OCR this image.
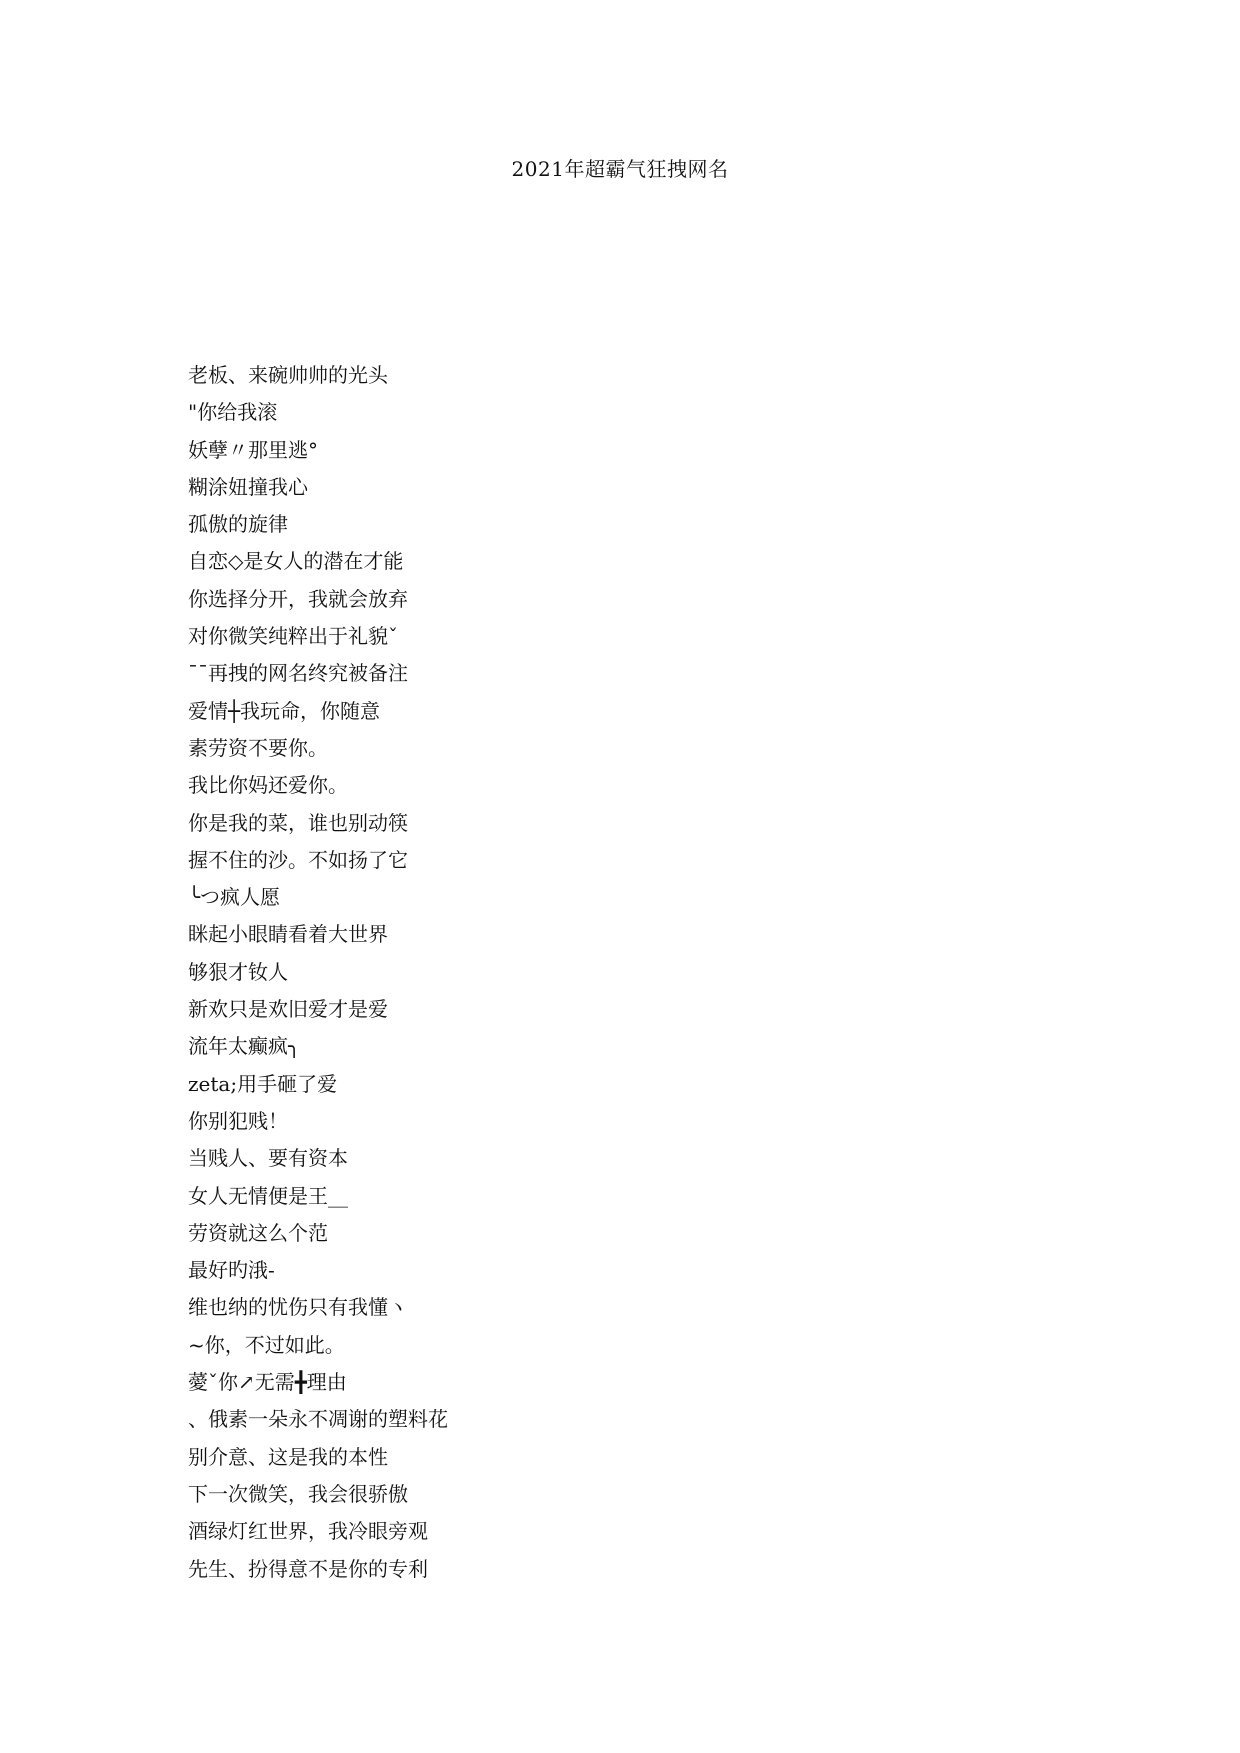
2021年超霸气狂拽网名
老板、来碗帅帅的光头
"你给我滚
妖孽〃那里逃°
糊涂妞撞我心
孤傲的旋律
自恋◇是女人的潜在才能
你选择分开，我就会放弃
对你微笑纯粹出于礼貌ˇ
¯¯再拽的网名终究被备注
爱情┼我玩命，你随意
素劳资不要你。
我比你妈还爱你。
你是我的菜，谁也别动筷
握不住的沙。不如扬了它
╰つ疯人愿
眯起小眼睛看着大世界
够狠才钕人
新欢只是欢旧爱才是爱
流年太癫疯╮
zeta;用手砸了爱
你别犯贱！
当贱人、要有资本
女人无情便是王__
劳资就这么个范
最好旳涐-
维也纳的忧伤只有我懂ヽ
~你，不过如此。
薆ˇ你↗无需╋理由
、俄素一朵永不凋谢的塑料花
别介意、这是我的本性
下一次微笑，我会很骄傲
酒绿灯红世界，我冷眼旁观
先生、扮得意不是你的专利
